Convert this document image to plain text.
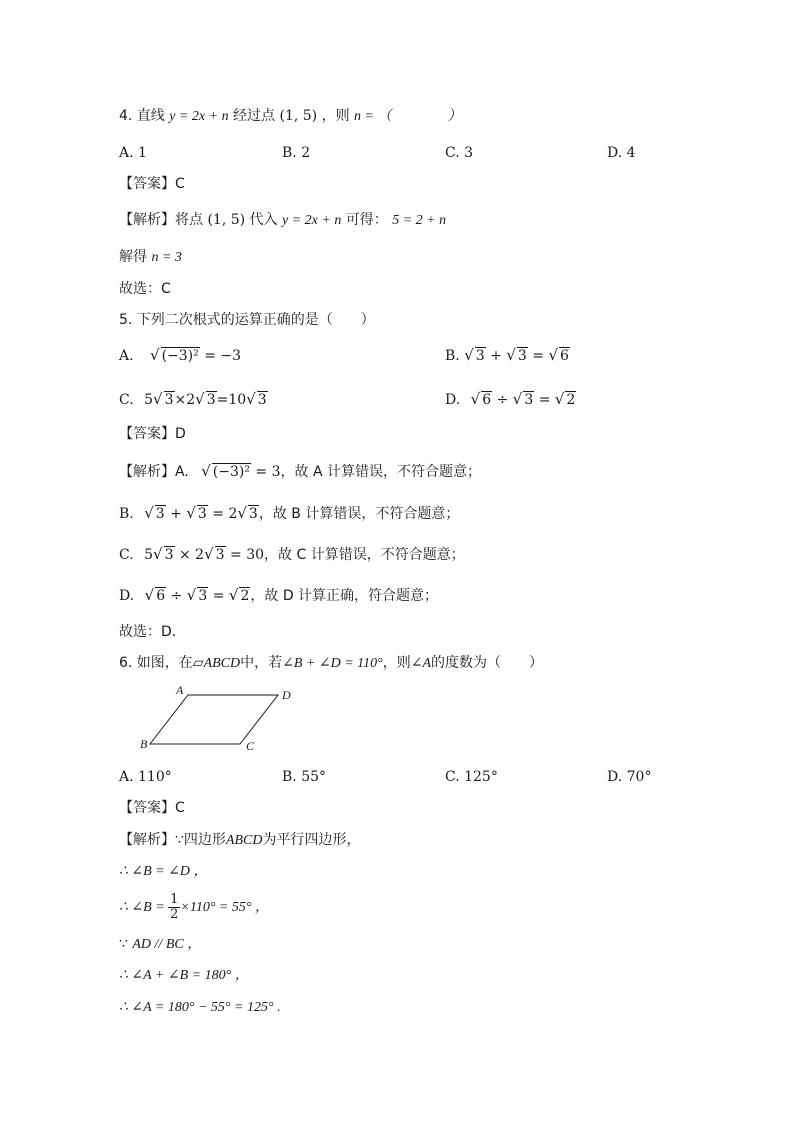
4. 直线 y = 2x + n 经过点 (1, 5) ，则 n = （　　　　）
A. 1	B. 2	C. 3	D. 4
【答案】C
【解析】将点 (1, 5) 代入 y = 2x + n 可得： 5 = 2 + n
解得 n = 3
故选：C
5. 下列二次根式的运算正确的是（　　）
A. √ (−3)² = −3	B. √ 3 + √ 3 = √ 6
C. 5√ 3×2√ 3=10√ 3	D. √ 6 ÷ √ 3 = √ 2
【答案】D
【解析】A. √ (−3)² = 3，故 A 计算错误，不符合题意；
B. √ 3 + √ 3 = 2√ 3，故 B 计算错误，不符合题意；
C. 5√ 3 × 2√ 3 = 30，故 C 计算错误，不符合题意；
D. √ 6 ÷ √ 3 = √ 2，故 D 计算正确，符合题意；
故选：D．
6. 如图，在▱ABCD中，若∠B + ∠D = 110°，则∠A的度数为（　　）
A	D
B	C
A. 110°	B. 55°	C. 125°	D. 70°
【答案】C
【解析】∵四边形ABCD为平行四边形，
∴ ∠B = ∠D ，
∴ ∠B = $\frac{1}{2} \times 110^\circ = 55^\circ$ ，
∵ AD // BC ，
∴ ∠A + ∠B = 180° ，
∴ ∠A = 180° − 55° = 125° .
